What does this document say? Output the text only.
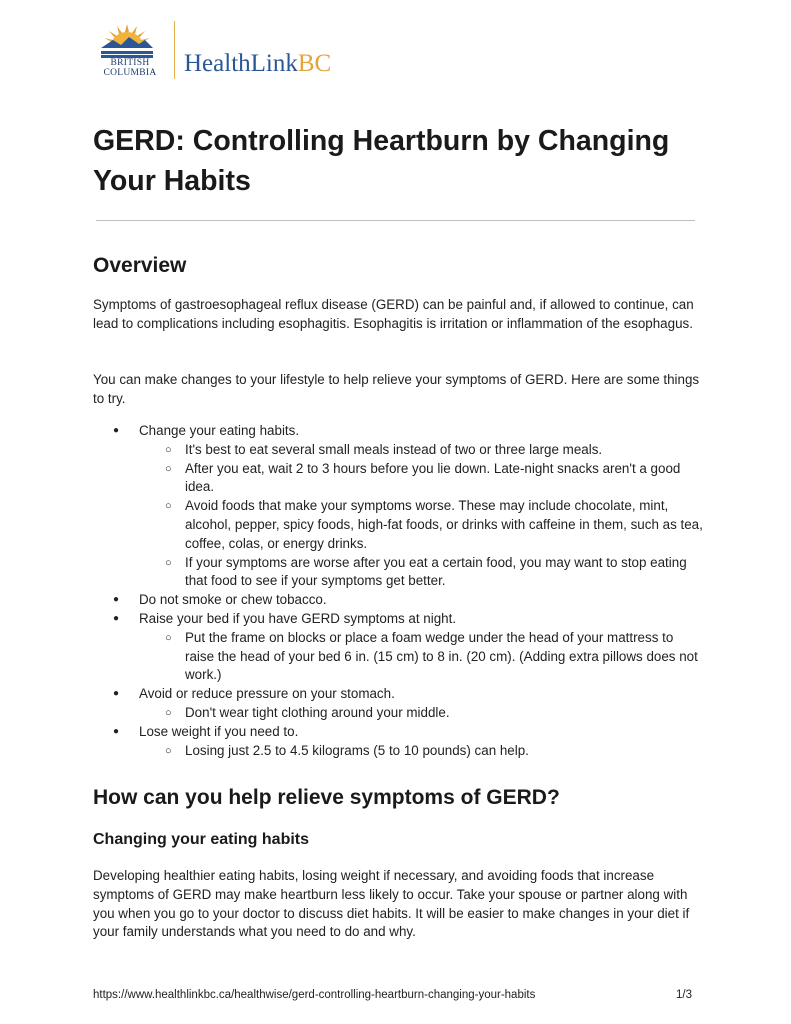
BRITISH
COLUMBIA	HealthLinkBC
GERD: Controlling Heartburn by Changing Your Habits
Overview

Symptoms of gastroesophageal reflux disease (GERD) can be painful and, if allowed to continue, can lead to complications including esophagitis. Esophagitis is irritation or inflammation of the esophagus.

You can make changes to your lifestyle to help relieve your symptoms of GERD. Here are some things to try.

● Change your eating habits.
○ It's best to eat several small meals instead of two or three large meals.
○ After you eat, wait 2 to 3 hours before you lie down. Late-night snacks aren't a good idea.
○ Avoid foods that make your symptoms worse. These may include chocolate, mint, alcohol, pepper, spicy foods, high-fat foods, or drinks with caffeine in them, such as tea, coffee, colas, or energy drinks.
○ If your symptoms are worse after you eat a certain food, you may want to stop eating that food to see if your symptoms get better.
● Do not smoke or chew tobacco.
● Raise your bed if you have GERD symptoms at night.
○ Put the frame on blocks or place a foam wedge under the head of your mattress to raise the head of your bed 6 in. (15 cm) to 8 in. (20 cm). (Adding extra pillows does not work.)
● Avoid or reduce pressure on your stomach.
○ Don't wear tight clothing around your middle.
● Lose weight if you need to.
○ Losing just 2.5 to 4.5 kilograms (5 to 10 pounds) can help.
How can you help relieve symptoms of GERD?
Changing your eating habits

Developing healthier eating habits, losing weight if necessary, and avoiding foods that increase symptoms of GERD may make heartburn less likely to occur. Take your spouse or partner along with you when you go to your doctor to discuss diet habits. It will be easier to make changes in your diet if your family understands what you need to do and why.

https://www.healthlinkbc.ca/healthwise/gerd-controlling-heartburn-changing-your-habits	1/3
